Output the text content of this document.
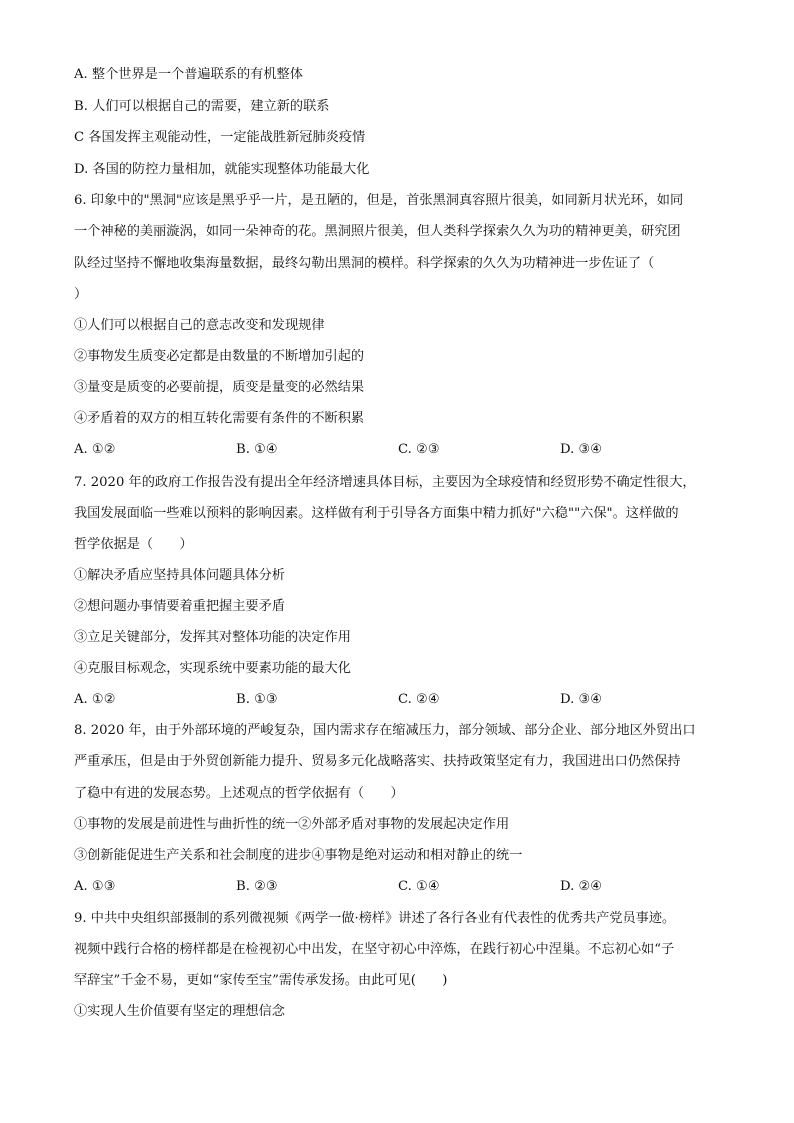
A. 整个世界是一个普遍联系的有机整体
B. 人们可以根据自己的需要，建立新的联系
C 各国发挥主观能动性，一定能战胜新冠肺炎疫情
D. 各国的防控力量相加，就能实现整体功能最大化
6. 印象中的"黑洞"应该是黑乎乎一片，是丑陋的，但是，首张黑洞真容照片很美，如同新月状光环，如同
一个神秘的美丽漩涡，如同一朵神奇的花。黑洞照片很美，但人类科学探索久久为功的精神更美，研究团
队经过坚持不懈地收集海量数据，最终勾勒出黑洞的模样。科学探索的久久为功精神进一步佐证了（
）
①人们可以根据自己的意志改变和发现规律
②事物发生质变必定都是由数量的不断增加引起的
③量变是质变的必要前提，质变是量变的必然结果
④矛盾着的双方的相互转化需要有条件的不断积累
A. ①②	B. ①④	C. ②③	D. ③④
7. 2020 年的政府工作报告没有提出全年经济增速具体目标，主要因为全球疫情和经贸形势不确定性很大，
我国发展面临一些难以预料的影响因素。这样做有利于引导各方面集中精力抓好"六稳""六保"。这样做的
哲学依据是（　　）
①解决矛盾应坚持具体问题具体分析
②想问题办事情要着重把握主要矛盾
③立足关键部分，发挥其对整体功能的决定作用
④克服目标观念，实现系统中要素功能的最大化
A. ①②	B. ①③	C. ②④	D. ③④
8. 2020 年，由于外部环境的严峻复杂，国内需求存在缩减压力，部分领域、部分企业、部分地区外贸出口
严重承压，但是由于外贸创新能力提升、贸易多元化战略落实、扶持政策坚定有力，我国进出口仍然保持
了稳中有进的发展态势。上述观点的哲学依据有（　　）
①事物的发展是前进性与曲折性的统一②外部矛盾对事物的发展起决定作用
③创新能促进生产关系和社会制度的进步④事物是绝对运动和相对静止的统一
A. ①③	B. ②③	C. ①④	D. ②④
9. 中共中央组织部摄制的系列微视频《两学一做·榜样》讲述了各行各业有代表性的优秀共产党员事迹。
视频中践行合格的榜样都是在检视初心中出发，在坚守初心中淬炼，在践行初心中涅巢。不忘初心如“子
罕辞宝”千金不易，更如“家传至宝”需传承发扬。由此可见(　　)
①实现人生价值要有坚定的理想信念
